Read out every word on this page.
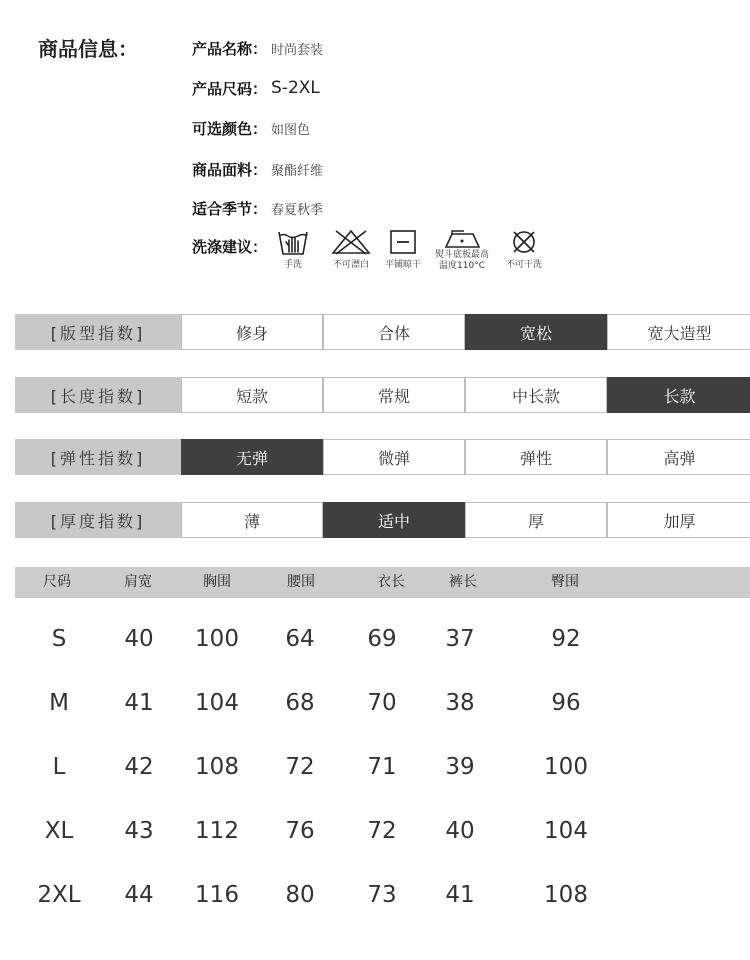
商品信息：	产品名称： 时尚套装
产品尺码： S-2XL
可选颜色： 如图色
商品面料： 聚酯纤维
适合季节： 春夏秋季
洗涤建议：
手洗	不可漂白	平铺晾干
熨斗底板最高
温度110°C	不可干洗
[版型指数]	修身	合体	宽松	宽大造型
[长度指数]	短款	常规	中长款	长款
[弹性指数]	无弹	微弹	弹性	高弹
[厚度指数]	薄	适中	厚	加厚
尺码	肩宽	胸围	腰围	衣长	裤长	臀围
S	40 100 64 69 37	92
M 41 104 68 70 38	96
L	42 108 72 71 39	100
XL 43 112 76 72 40	104
2XL 44 116 80 73 41	108
